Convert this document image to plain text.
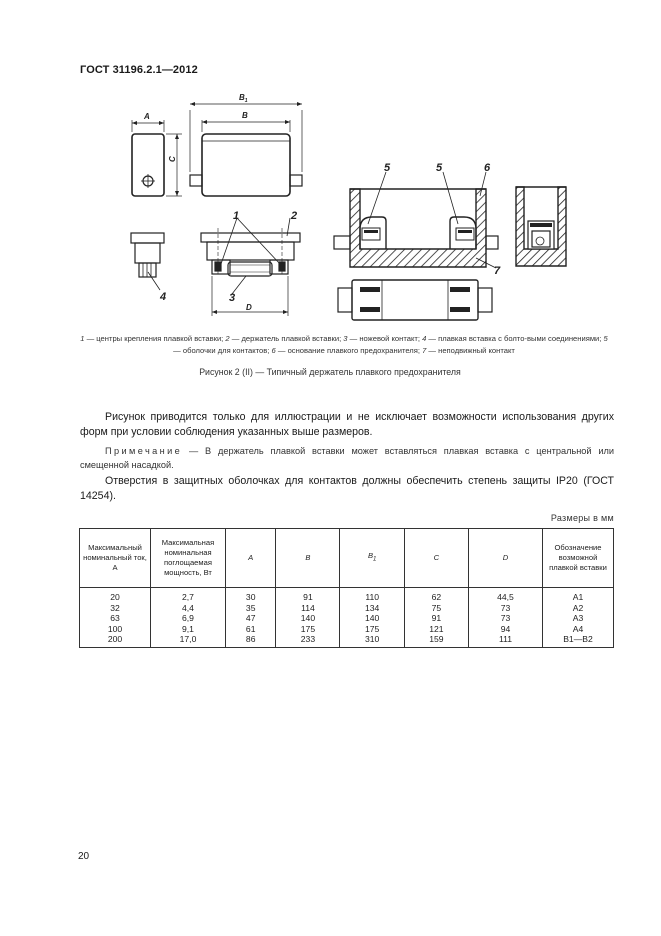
ГОСТ 31196.2.1—2012
A	B
$B_1$
C
D
1	2
3
4
5	5	6
7
1 — центры крепления плавкой вставки; 2 — держатель плавкой вставки; 3 — ножевой контакт; 4 — плавкая вставка с болто-выми соединениями; 5 — оболочки для контактов; 6 — основание плавкого предохранителя; 7 — неподвижный контакт
Рисунок 2 (II) — Типичный держатель плавкого предохранителя
Рисунок приводится только для иллюстрации и не исключает возможности использования других форм при условии соблюдения указанных выше размеров.
Примечание — В держатель плавкой вставки может вставляться плавкая вставка с центральной или смещенной насадкой.
Отверстия в защитных оболочках для контактов должны обеспечить степень защиты IP20 (ГОСТ 14254).
Размеры в мм
Максимальный номинальный ток, А	Максимальная номинальная поглощаемая мощность, Вт	A	B	$B_1$	C	D	Обозначение возможной плавкой вставки
20	2,7	30	91	110	62	44,5	A1
32	4,4	35	114	134	75	73	A2
63	6,9	47	140	140	91	73	A3
100	9,1	61	175	175	121	94	A4
200	17,0	86	233	310	159	111	B1—B2
20
